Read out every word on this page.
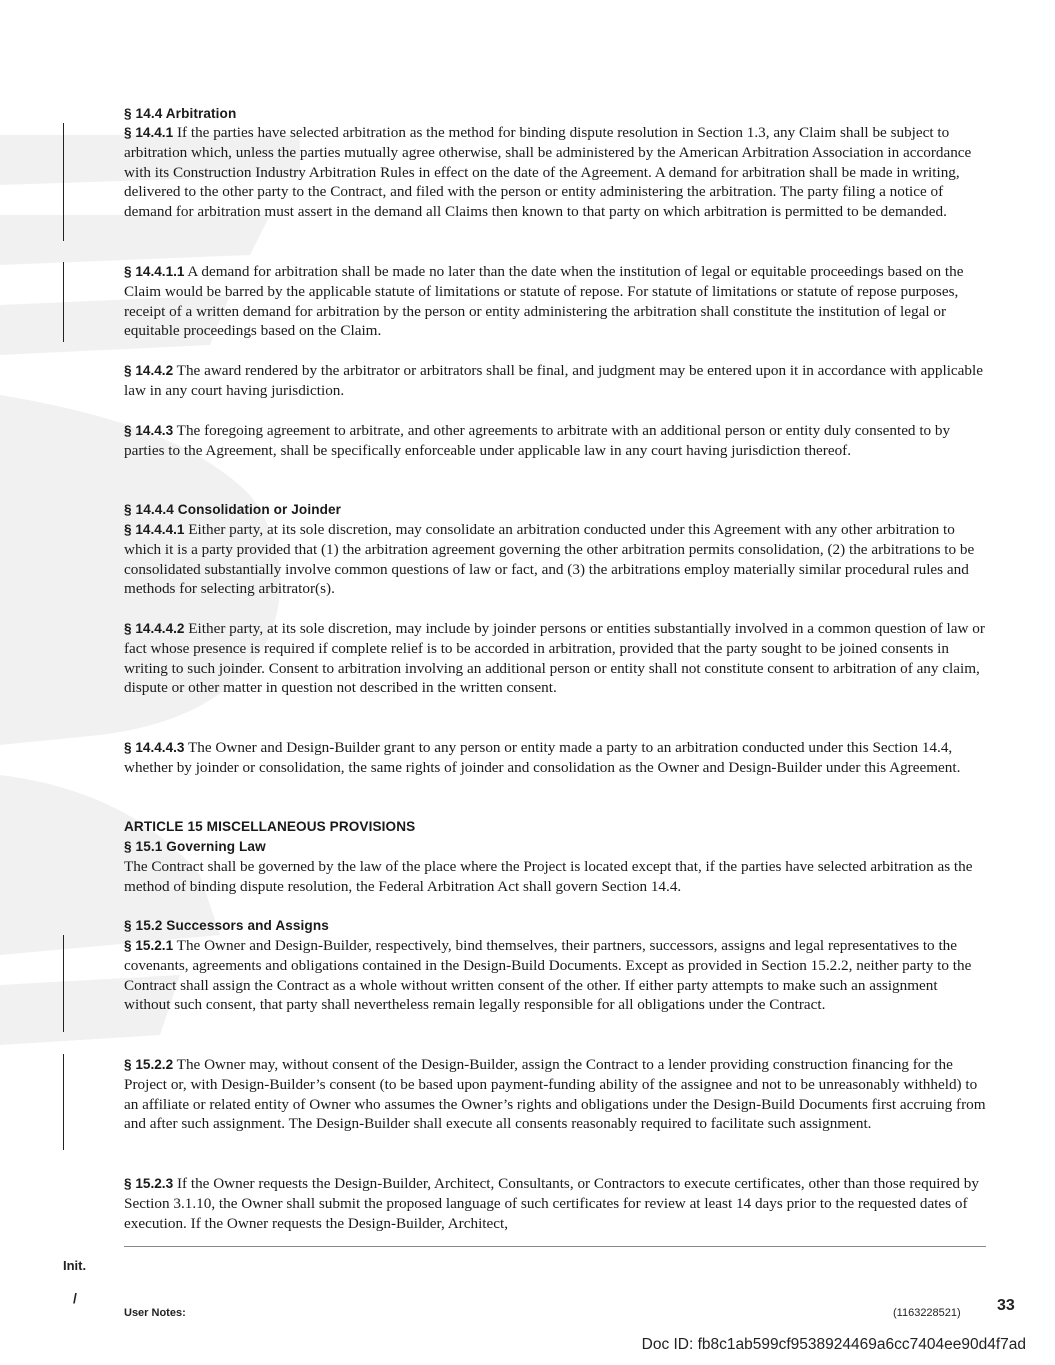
§ 14.4 Arbitration

§ 14.4.1 If the parties have selected arbitration as the method for binding dispute resolution in Section 1.3, any Claim shall be subject to arbitration which, unless the parties mutually agree otherwise, shall be administered by the American Arbitration Association in accordance with its Construction Industry Arbitration Rules in effect on the date of the Agreement. A demand for arbitration shall be made in writing, delivered to the other party to the Contract, and filed with the person or entity administering the arbitration. The party filing a notice of demand for arbitration must assert in the demand all Claims then known to that party on which arbitration is permitted to be demanded.

§ 14.4.1.1 A demand for arbitration shall be made no later than the date when the institution of legal or equitable proceedings based on the Claim would be barred by the applicable statute of limitations or statute of repose. For statute of limitations or statute of repose purposes, receipt of a written demand for arbitration by the person or entity administering the arbitration shall constitute the institution of legal or equitable proceedings based on the Claim.

§ 14.4.2 The award rendered by the arbitrator or arbitrators shall be final, and judgment may be entered upon it in accordance with applicable law in any court having jurisdiction.

§ 14.4.3 The foregoing agreement to arbitrate, and other agreements to arbitrate with an additional person or entity duly consented to by parties to the Agreement, shall be specifically enforceable under applicable law in any court having jurisdiction thereof.

§ 14.4.4 Consolidation or Joinder

§ 14.4.4.1 Either party, at its sole discretion, may consolidate an arbitration conducted under this Agreement with any other arbitration to which it is a party provided that (1) the arbitration agreement governing the other arbitration permits consolidation, (2) the arbitrations to be consolidated substantially involve common questions of law or fact, and (3) the arbitrations employ materially similar procedural rules and methods for selecting arbitrator(s).

§ 14.4.4.2 Either party, at its sole discretion, may include by joinder persons or entities substantially involved in a common question of law or fact whose presence is required if complete relief is to be accorded in arbitration, provided that the party sought to be joined consents in writing to such joinder. Consent to arbitration involving an additional person or entity shall not constitute consent to arbitration of any claim, dispute or other matter in question not described in the written consent.

§ 14.4.4.3 The Owner and Design-Builder grant to any person or entity made a party to an arbitration conducted under this Section 14.4, whether by joinder or consolidation, the same rights of joinder and consolidation as the Owner and Design-Builder under this Agreement.

ARTICLE 15 MISCELLANEOUS PROVISIONS
§ 15.1 Governing Law

The Contract shall be governed by the law of the place where the Project is located except that, if the parties have selected arbitration as the method of binding dispute resolution, the Federal Arbitration Act shall govern Section 14.4.

§ 15.2 Successors and Assigns

§ 15.2.1 The Owner and Design-Builder, respectively, bind themselves, their partners, successors, assigns and legal representatives to the covenants, agreements and obligations contained in the Design-Build Documents. Except as provided in Section 15.2.2, neither party to the Contract shall assign the Contract as a whole without written consent of the other. If either party attempts to make such an assignment without such consent, that party shall nevertheless remain legally responsible for all obligations under the Contract.

§ 15.2.2 The Owner may, without consent of the Design-Builder, assign the Contract to a lender providing construction financing for the Project or, with Design-Builder’s consent (to be based upon payment-funding ability of the assignee and not to be unreasonably withheld) to an affiliate or related entity of Owner who assumes the Owner’s rights and obligations under the Design-Build Documents first accruing from and after such assignment. The Design-Builder shall execute all consents reasonably required to facilitate such assignment.

§ 15.2.3 If the Owner requests the Design-Builder, Architect, Consultants, or Contractors to execute certificates, other than those required by Section 3.1.10, the Owner shall submit the proposed language of such certificates for review at least 14 days prior to the requested dates of execution. If the Owner requests the Design-Builder, Architect,

Init.
/	33
User Notes:	(1163228521)
Doc ID: fb8c1ab599cf9538924469a6cc7404ee90d4f7ad
